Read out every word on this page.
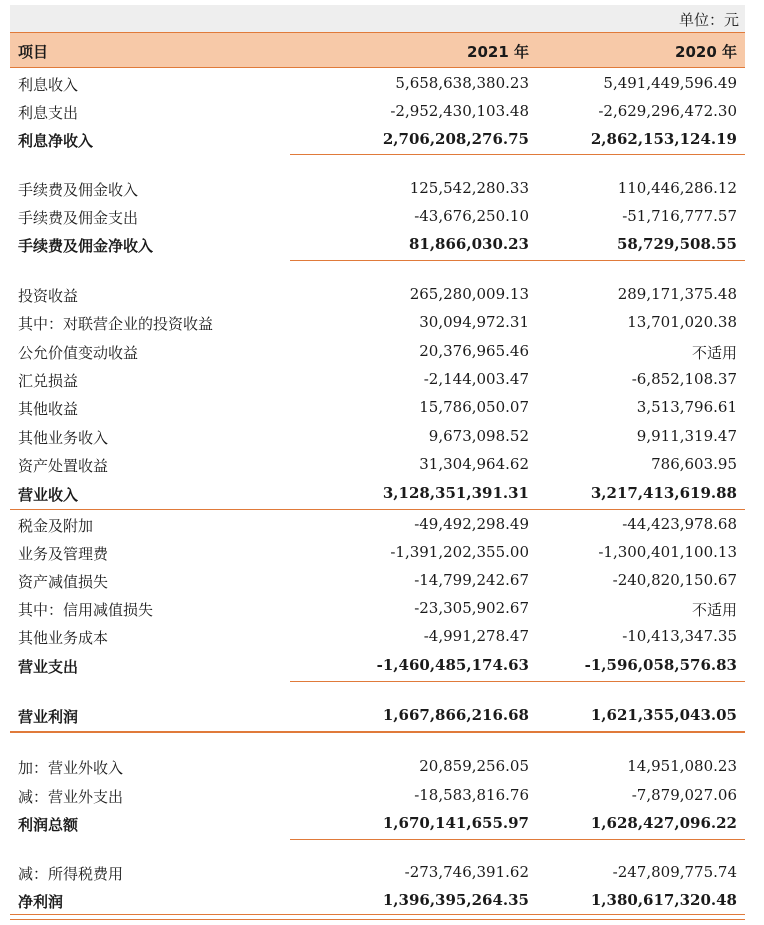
单位：元
项目	2021 年	2020 年
利息收入	5,658,638,380.23	5,491,449,596.49
利息支出	-2,952,430,103.48	-2,629,296,472.30
利息净收入	2,706,208,276.75	2,862,153,124.19
手续费及佣金收入	125,542,280.33	110,446,286.12
手续费及佣金支出	-43,676,250.10	-51,716,777.57
手续费及佣金净收入	81,866,030.23	58,729,508.55
投资收益	265,280,009.13	289,171,375.48
其中：对联营企业的投资收益	30,094,972.31	13,701,020.38
公允价值变动收益	20,376,965.46	不适用
汇兑损益	-2,144,003.47	-6,852,108.37
其他收益	15,786,050.07	3,513,796.61
其他业务收入	9,673,098.52	9,911,319.47
资产处置收益	31,304,964.62	786,603.95
营业收入	3,128,351,391.31	3,217,413,619.88
税金及附加	-49,492,298.49	-44,423,978.68
业务及管理费	-1,391,202,355.00	-1,300,401,100.13
资产减值损失	-14,799,242.67	-240,820,150.67
其中：信用减值损失	-23,305,902.67	不适用
其他业务成本	-4,991,278.47	-10,413,347.35
营业支出	-1,460,485,174.63	-1,596,058,576.83
营业利润	1,667,866,216.68	1,621,355,043.05
加：营业外收入	20,859,256.05	14,951,080.23
减：营业外支出	-18,583,816.76	-7,879,027.06
利润总额	1,670,141,655.97	1,628,427,096.22
减：所得税费用	-273,746,391.62	-247,809,775.74
净利润	1,396,395,264.35	1,380,617,320.48
